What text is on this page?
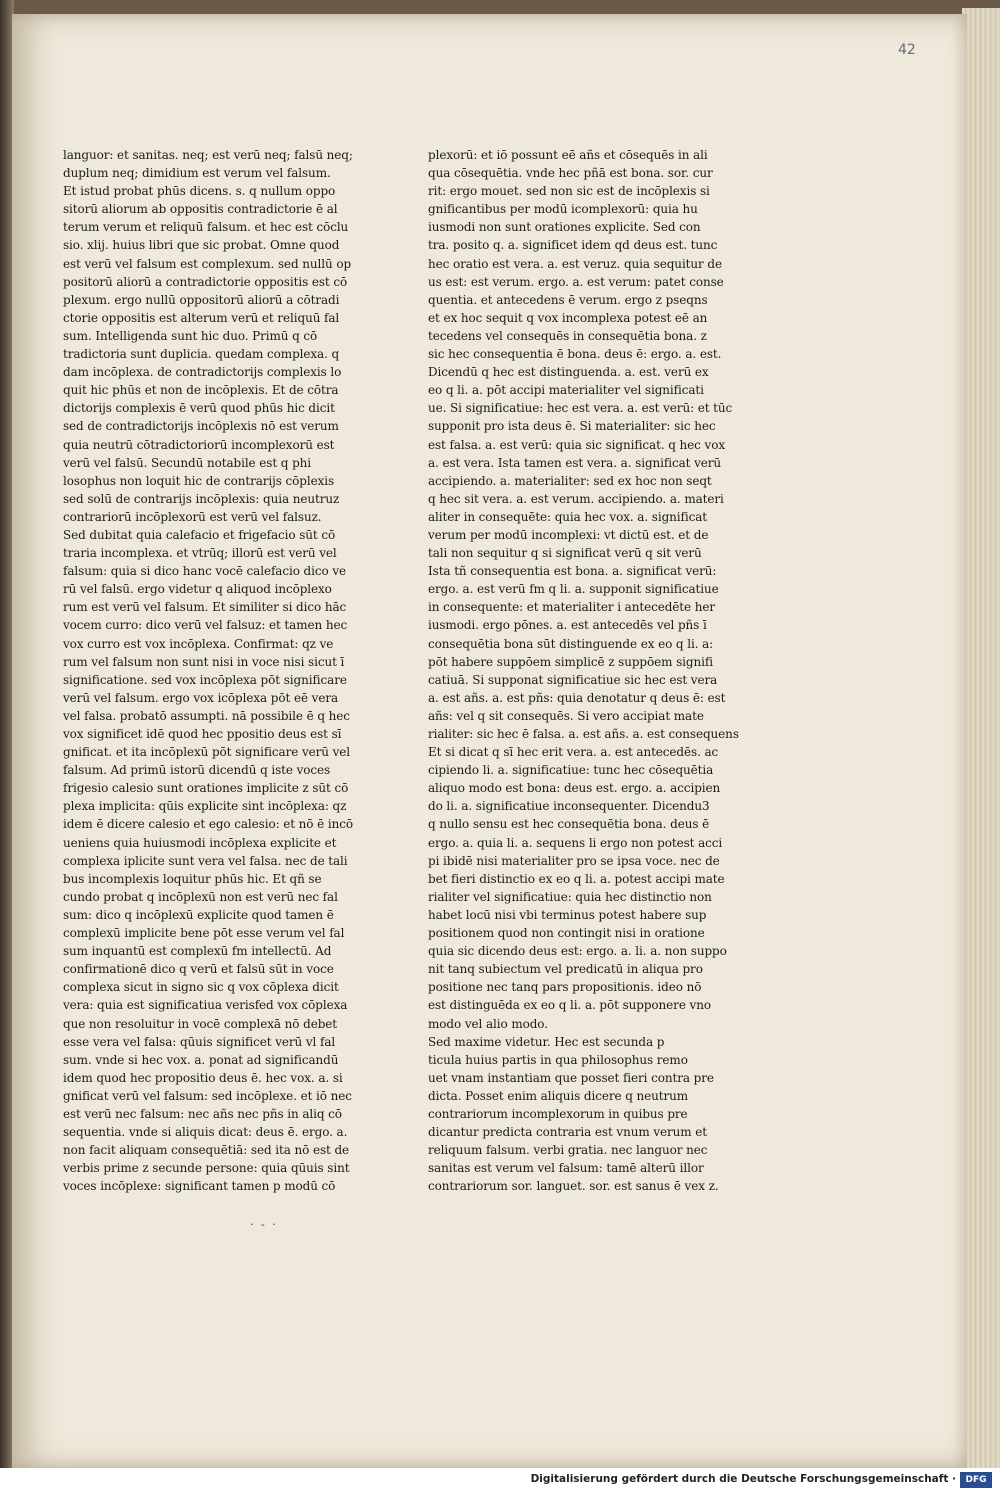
42
languor: et sanitas. neq; est verū neq; falsū neq;
duplum neq; dimidium est verum vel falsum.
Et istud probat phūs dicens. s. q nullum oppo
sitorū aliorum ab oppositis contradictorie ē al
terum verum et reliquū falsum. et hec est cōclu
sio. xlij. huius libri que sic probat. Omne quod
est verū vel falsum est complexum. sed nullū op
positorū aliorū a contradictorie oppositis est cō
plexum. ergo nullū oppositorū aliorū a cōtradi
ctorie oppositis est alterum verū et reliquū fal
sum. Intelligenda sunt hic duo. Primū q cō
tradictoria sunt duplicia. quedam complexa. q
dam incōplexa. de contradictorijs complexis lo
quit hic phūs et non de incōplexis. Et de cōtra
dictorijs complexis ē verū quod phūs hic dicit
sed de contradictorijs incōplexis nō est verum
quia neutrū cōtradictoriorū incomplexorū est
verū vel falsū. Secundū notabile est q phi
losophus non loquit hic de contrarijs cōplexis
sed solū de contrarijs incōplexis: quia neutruz
contrariorū incōplexorū est verū vel falsuz.
Sed dubitat quia calefacio et frigefacio sūt cō
traria incomplexa. et vtrūq; illorū est verū vel
falsum: quia si dico hanc vocē calefacio dico ve
rū vel falsū. ergo videtur q aliquod incōplexo
rum est verū vel falsum. Et similiter si dico hāc
vocem curro: dico verū vel falsuz: et tamen hec
vox curro est vox incōplexa. Confirmat: qz ve
rum vel falsum non sunt nisi in voce nisi sicut ī
significatione. sed vox incōplexa pōt significare
verū vel falsum. ergo vox icōplexa pōt eē vera
vel falsa. probatō assumpti. nā possibile ē q hec
vox significet idē quod hec ppositio deus est sī
gnificat. et ita incōplexū pōt significare verū vel
falsum. Ad primū istorū dicendū q iste voces
frigesio calesio sunt orationes implicite z sūt cō
plexa implicita: qūis explicite sint incōplexa: qz
idem ē dicere calesio et ego calesio: et nō ē incō
ueniens quia huiusmodi incōplexa explicite et
complexa iplicite sunt vera vel falsa. nec de tali
bus incomplexis loquitur phūs hic. Et qñ se
cundo probat q incōplexū non est verū nec fal
sum: dico q incōplexū explicite quod tamen ē
complexū implicite bene pōt esse verum vel fal
sum inquantū est complexū fm intellectū. Ad
confirmationē dico q verū et falsū sūt in voce
complexa sicut in signo sic q vox cōplexa dicit
vera: quia est significatiua verisfed vox cōplexa
que non resoluitur in vocē complexā nō debet
esse vera vel falsa: qūuis significet verū vl fal
sum. vnde si hec vox. a. ponat ad significandū
idem quod hec propositio deus ē. hec vox. a. si
gnificat verū vel falsum: sed incōplexe. et iō nec
est verū nec falsum: nec añs nec pñs in aliq cō
sequentia. vnde si aliquis dicat: deus ē. ergo. a.
non facit aliquam consequētiā: sed ita nō est de
verbis prime z secunde persone: quia qūuis sint
voces incōplexe: significant tamen p modū cō
plexorū: et iō possunt eē añs et cōsequēs in ali
qua cōsequētia. vnde hec pñā est bona. sor. cur
rit: ergo mouet. sed non sic est de incōplexis si
gnificantibus per modū icomplexorū: quia hu
iusmodi non sunt orationes explicite. Sed con
tra. posito q. a. significet idem qd deus est. tunc
hec oratio est vera. a. est veruz. quia sequitur de
us est: est verum. ergo. a. est verum: patet conse
quentia. et antecedens ē verum. ergo z pseqns
et ex hoc sequit q vox incomplexa potest eē an
tecedens vel consequēs in consequētia bona. z
sic hec consequentia ē bona. deus ē: ergo. a. est.
Dicendū q hec est distinguenda. a. est. verū ex
eo q li. a. pōt accipi materialiter vel significati
ue. Si significatiue: hec est vera. a. est verū: et tūc
supponit pro ista deus ē. Si materialiter: sic hec
est falsa. a. est verū: quia sic significat. q hec vox
a. est vera. Ista tamen est vera. a. significat verū
accipiendo. a. materialiter: sed ex hoc non seqt
q hec sit vera. a. est verum. accipiendo. a. materi
aliter in consequēte: quia hec vox. a. significat
verum per modū incomplexi: vt dictū est. et de
tali non sequitur q si significat verū q sit verū
Ista tñ consequentia est bona. a. significat verū:
ergo. a. est verū fm q li. a. supponit significatiue
in consequente: et materialiter i antecedēte her
iusmodi. ergo pōnes. a. est antecedēs vel pñs ī
consequētia bona sūt distinguende ex eo q li. a:
pōt habere suppōem simplicē z suppōem signifi
catiuā. Si supponat significatiue sic hec est vera
a. est añs. a. est pñs: quia denotatur q deus ē: est
añs: vel q sit consequēs. Si vero accipiat mate
rialiter: sic hec ē falsa. a. est añs. a. est consequens
Et si dicat q sī hec erit vera. a. est antecedēs. ac
cipiendo li. a. significatiue: tunc hec cōsequētia
aliquo modo est bona: deus est. ergo. a. accipien
do li. a. significatiue inconsequenter. Dicendu3
q nullo sensu est hec consequētia bona. deus ē
ergo. a. quia li. a. sequens li ergo non potest acci
pi ibidē nisi materialiter pro se ipsa voce. nec de
bet fieri distinctio ex eo q li. a. potest accipi mate
rialiter vel significatiue: quia hec distinctio non
habet locū nisi vbi terminus potest habere sup
positionem quod non contingit nisi in oratione
quia sic dicendo deus est: ergo. a. li. a. non suppo
nit tanq subiectum vel predicatū in aliqua pro
positione nec tanq pars propositionis. ideo nō
est distinguēda ex eo q li. a. pōt supponere vno
modo vel alio modo.
Sed maxime videtur. Hec est secunda p
ticula huius partis in qua philosophus remo
uet vnam instantiam que posset fieri contra pre
dicta. Posset enim aliquis dicere q neutrum
contrariorum incomplexorum in quibus pre
dicantur predicta contraria est vnum verum et
reliquum falsum. verbi gratia. nec languor nec
sanitas est verum vel falsum: tamē alterū illor
contrariorum sor. languet. sor. est sanus ē vex z.
· - ·
Digitalisierung gefördert durch die Deutsche Forschungsgemeinschaft ·	DFG
